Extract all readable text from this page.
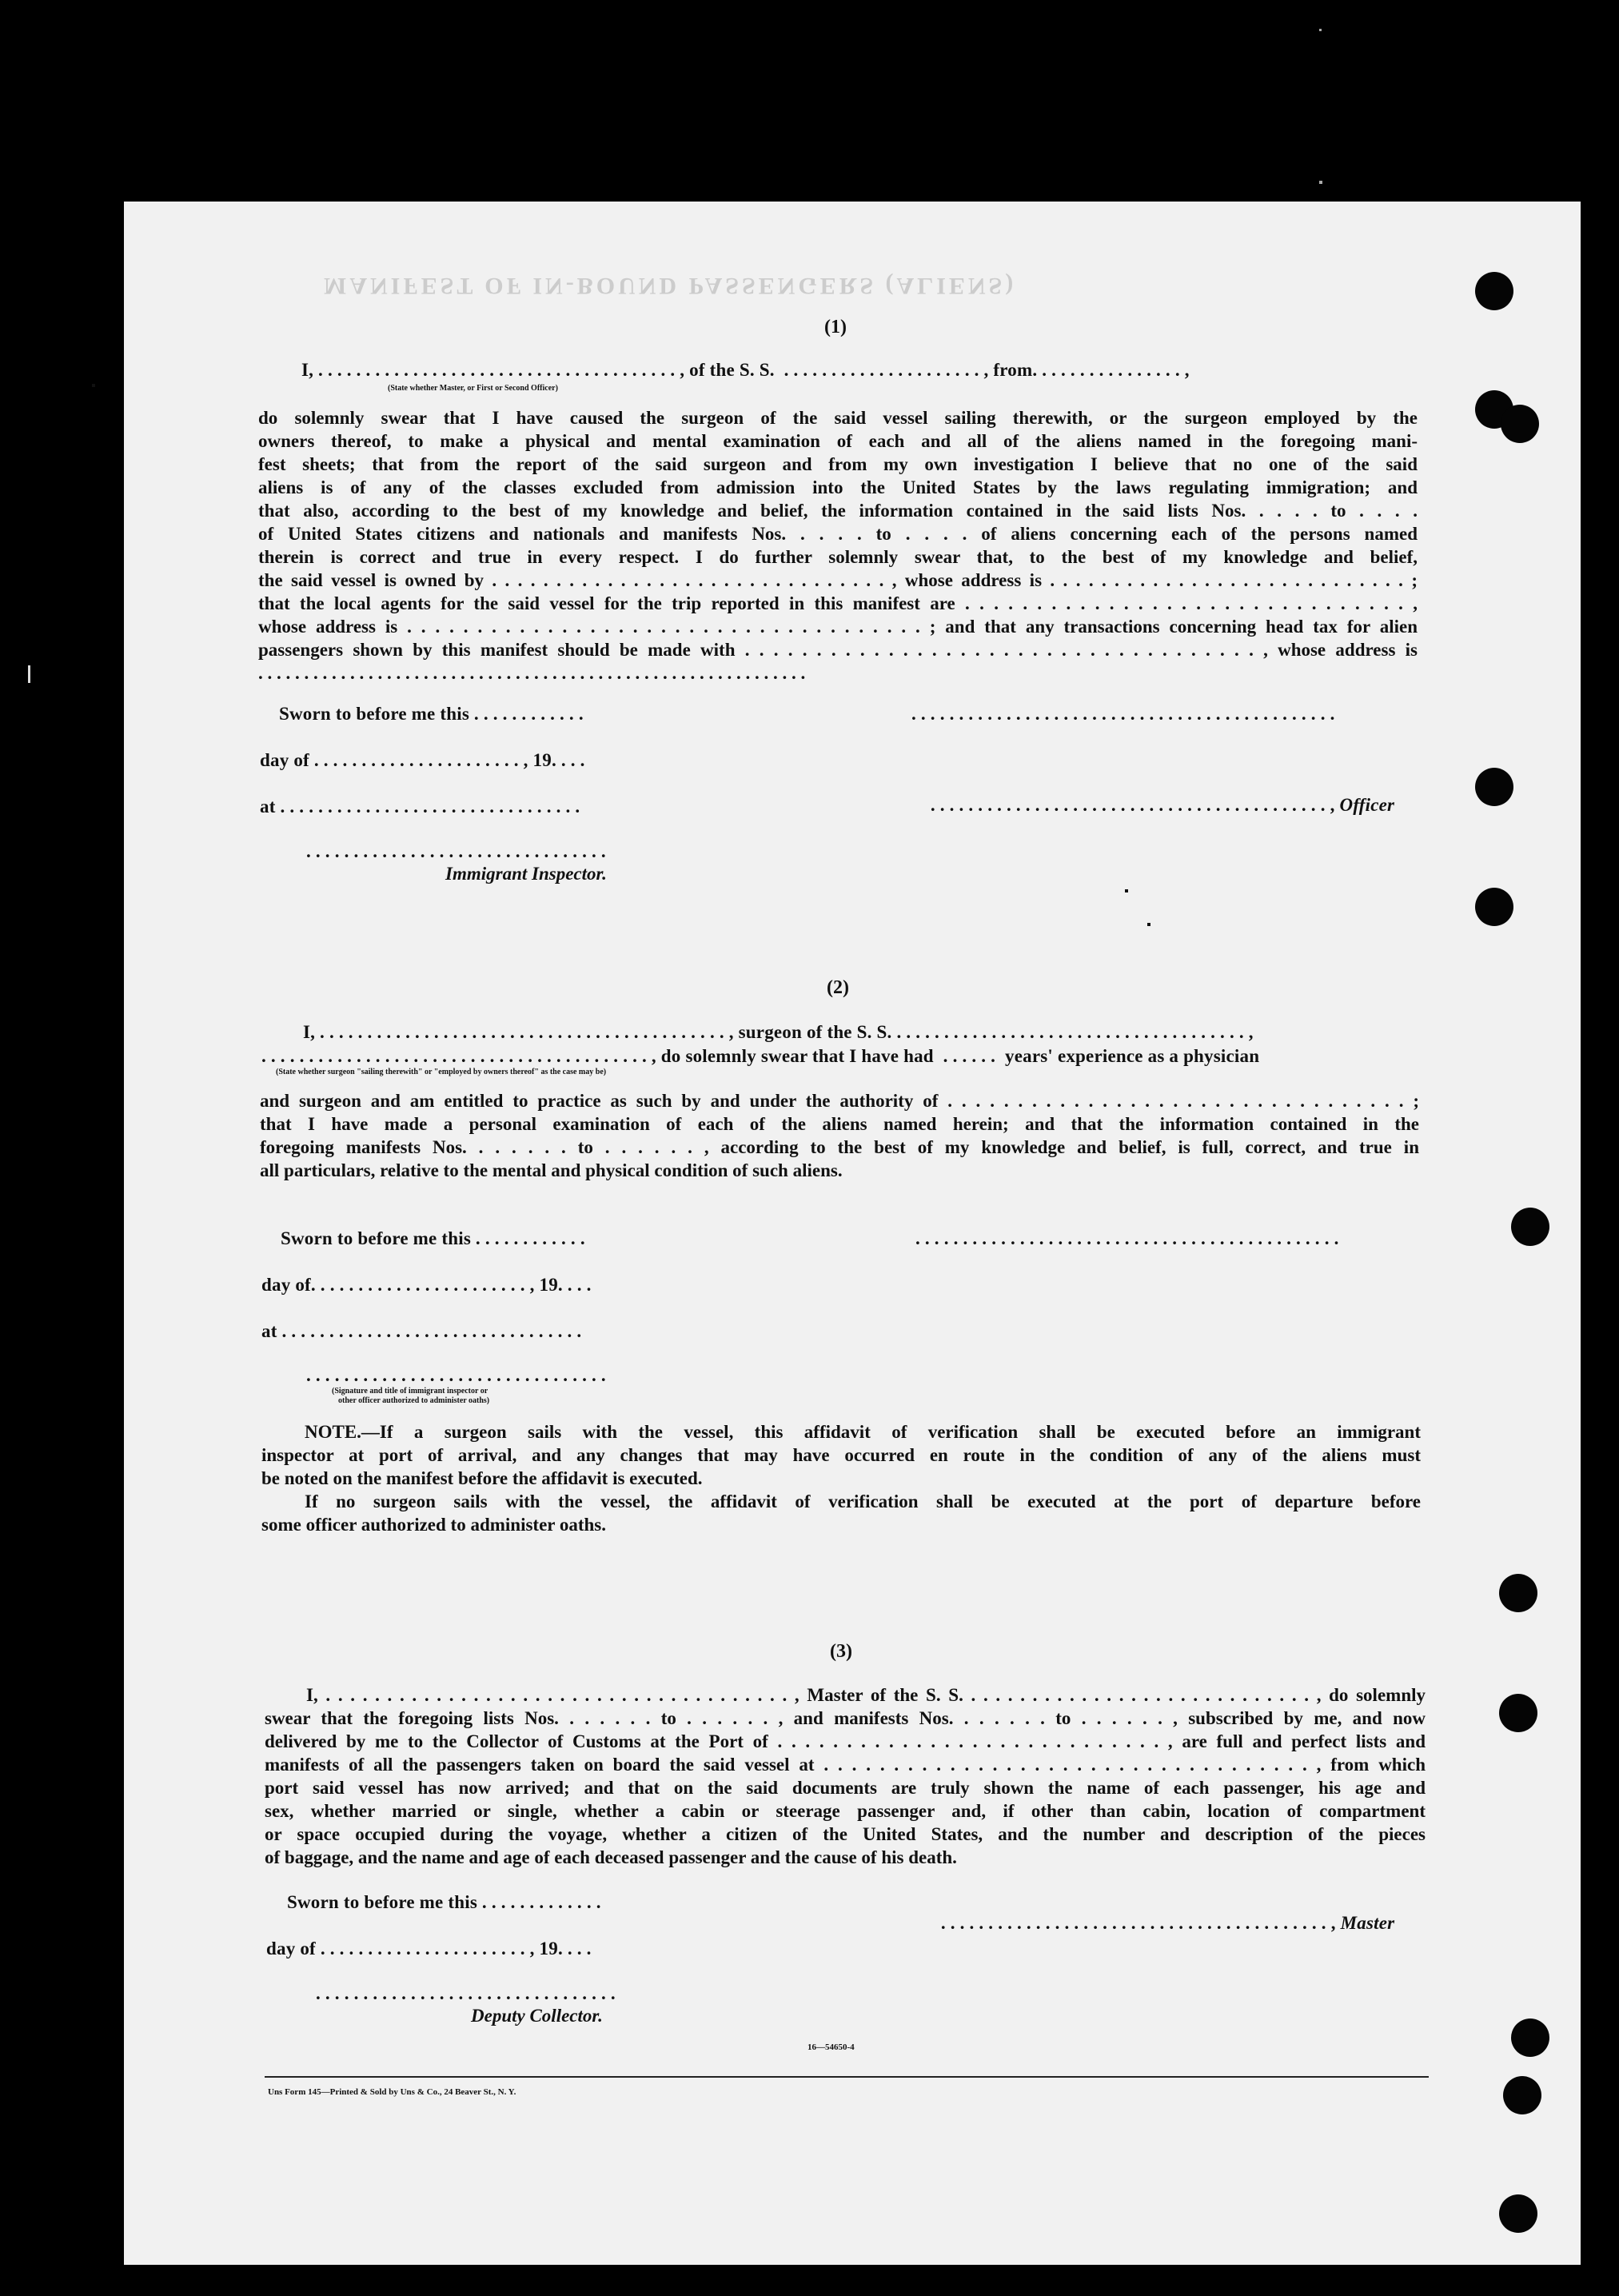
MANIFEST OF IN-BOUND PASSENGERS (ALIENS)
(1)
I, . . . . . . . . . . . . . . . . . . . . . . . . . . . . . . . . . . . . . . , of the S. S.  . . . . . . . . . . . . . . . . . . . . . , from. . . . . . . . . . . . . . . . ,
(State whether Master, or First or Second Officer)
do solemnly swear that I have caused the surgeon of the said vessel sailing therewith, or the surgeon employed by the
owners thereof, to make a physical and mental examination of each and all of the aliens named in the foregoing mani-
fest sheets; that from the report of the said surgeon and from my own investigation I believe that no one of the said
aliens is of any of the classes excluded from admission into the United States by the laws regulating immigration; and
that also, according to the best of my knowledge and belief, the information contained in the said lists Nos. . . . . to . . . .
of United States citizens and nationals and manifests Nos. . . . . to . . . . of aliens concerning each of the persons named
therein is correct and true in every respect. I do further solemnly swear that, to the best of my knowledge and belief,
the said vessel is owned by . . . . . . . . . . . . . . . . . . . . . . . . . . . . . . . , whose address is . . . . . . . . . . . . . . . . . . . . . . . . . . . . ;
that the local agents for the said vessel for the trip reported in this manifest are . . . . . . . . . . . . . . . . . . . . . . . . . . . . . . . ,
whose address is . . . . . . . . . . . . . . . . . . . . . . . . . . . . . . . . . . . . . ; and that any transactions concerning head tax for alien
passengers shown by this manifest should be made with . . . . . . . . . . . . . . . . . . . . . . . . . . . . . . . . . . . . , whose address is
. . . . . . . . . . . . . . . . . . . . . . . . . . . . . . . . . . . . . . . . . . . . . . . . . . . . . . . . . . . .
Sworn to before me this . . . . . . . . . . . .	. . . . . . . . . . . . . . . . . . . . . . . . . . . . . . . . . . . . . . . . . . . . .
day of . . . . . . . . . . . . . . . . . . . . . . , 19. . . .

. . . . . . . . . . . . . . . . . . . . . . . . . . . . . . . . . . . . . . . . . . , Officer

at . . . . . . . . . . . . . . . . . . . . . . . . . . . . . . . .
. . . . . . . . . . . . . . . . . . . . . . . . . . . . . . . .
Immigrant Inspector.
(2)
I, . . . . . . . . . . . . . . . . . . . . . . . . . . . . . . . . . . . . . . . . . . . , surgeon of the S. S. . . . . . . . . . . . . . . . . . . . . . . . . . . . . . . . . . . . . . ,
. . . . . . . . . . . . . . . . . . . . . . . . . . . . . . . . . . . . . . . . . , do solemnly swear that I have had  . . . . . .  years' experience as a physician
(State whether surgeon "sailing therewith" or "employed by owners thereof" as the case may be)
and surgeon and am entitled to practice as such by and under the authority of . . . . . . . . . . . . . . . . . . . . . . . . . . . . . . . . . ;
that I have made a personal examination of each of the aliens named herein; and that the information contained in the
foregoing manifests Nos. . . . . . . to . . . . . . , according to the best of my knowledge and belief, is full, correct, and true in
all particulars, relative to the mental and physical condition of such aliens.
Sworn to before me this . . . . . . . . . . . .	. . . . . . . . . . . . . . . . . . . . . . . . . . . . . . . . . . . . . . . . . . . . .
day of. . . . . . . . . . . . . . . . . . . . . . . , 19. . . .
at . . . . . . . . . . . . . . . . . . . . . . . . . . . . . . . .
. . . . . . . . . . . . . . . . . . . . . . . . . . . . . . . .
(Signature and title of immigrant inspector or
other officer authorized to administer oaths)
NOTE.—If a surgeon sails with the vessel, this affidavit of verification shall be executed before an immigrant
inspector at port of arrival, and any changes that may have occurred en route in the condition of any of the aliens must
be noted on the manifest before the affidavit is executed.
If no surgeon sails with the vessel, the affidavit of verification shall be executed at the port of departure before
some officer authorized to administer oaths.
(3)
I, . . . . . . . . . . . . . . . . . . . . . . . . . . . . . . . . . . . . . . , Master of the S. S. . . . . . . . . . . . . . . . . . . . . . . . . . . . . , do solemnly
swear that the foregoing lists Nos. . . . . . . to . . . . . . , and manifests Nos. . . . . . . to . . . . . . , subscribed by me, and now
delivered by me to the Collector of Customs at the Port of . . . . . . . . . . . . . . . . . . . . . . . . . . . . , are full and perfect lists and
manifests of all the passengers taken on board the said vessel at . . . . . . . . . . . . . . . . . . . . . . . . . . . . . . . . . . . , from which
port said vessel has now arrived; and that on the said documents are truly shown the name of each passenger, his age and
sex, whether married or single, whether a cabin or steerage passenger and, if other than cabin, location of compartment
or space occupied during the voyage, whether a citizen of the United States, and the number and description of the pieces
of baggage, and the name and age of each deceased passenger and the cause of his death.
Sworn to before me this . . . . . . . . . . . . .

. . . . . . . . . . . . . . . . . . . . . . . . . . . . . . . . . . . . . . . . . , Master

day of . . . . . . . . . . . . . . . . . . . . . . , 19. . . .
. . . . . . . . . . . . . . . . . . . . . . . . . . . . . . . .
Deputy Collector.
16—54650-4
Uns Form 145—Printed & Sold by Uns & Co., 24 Beaver St., N. Y.
